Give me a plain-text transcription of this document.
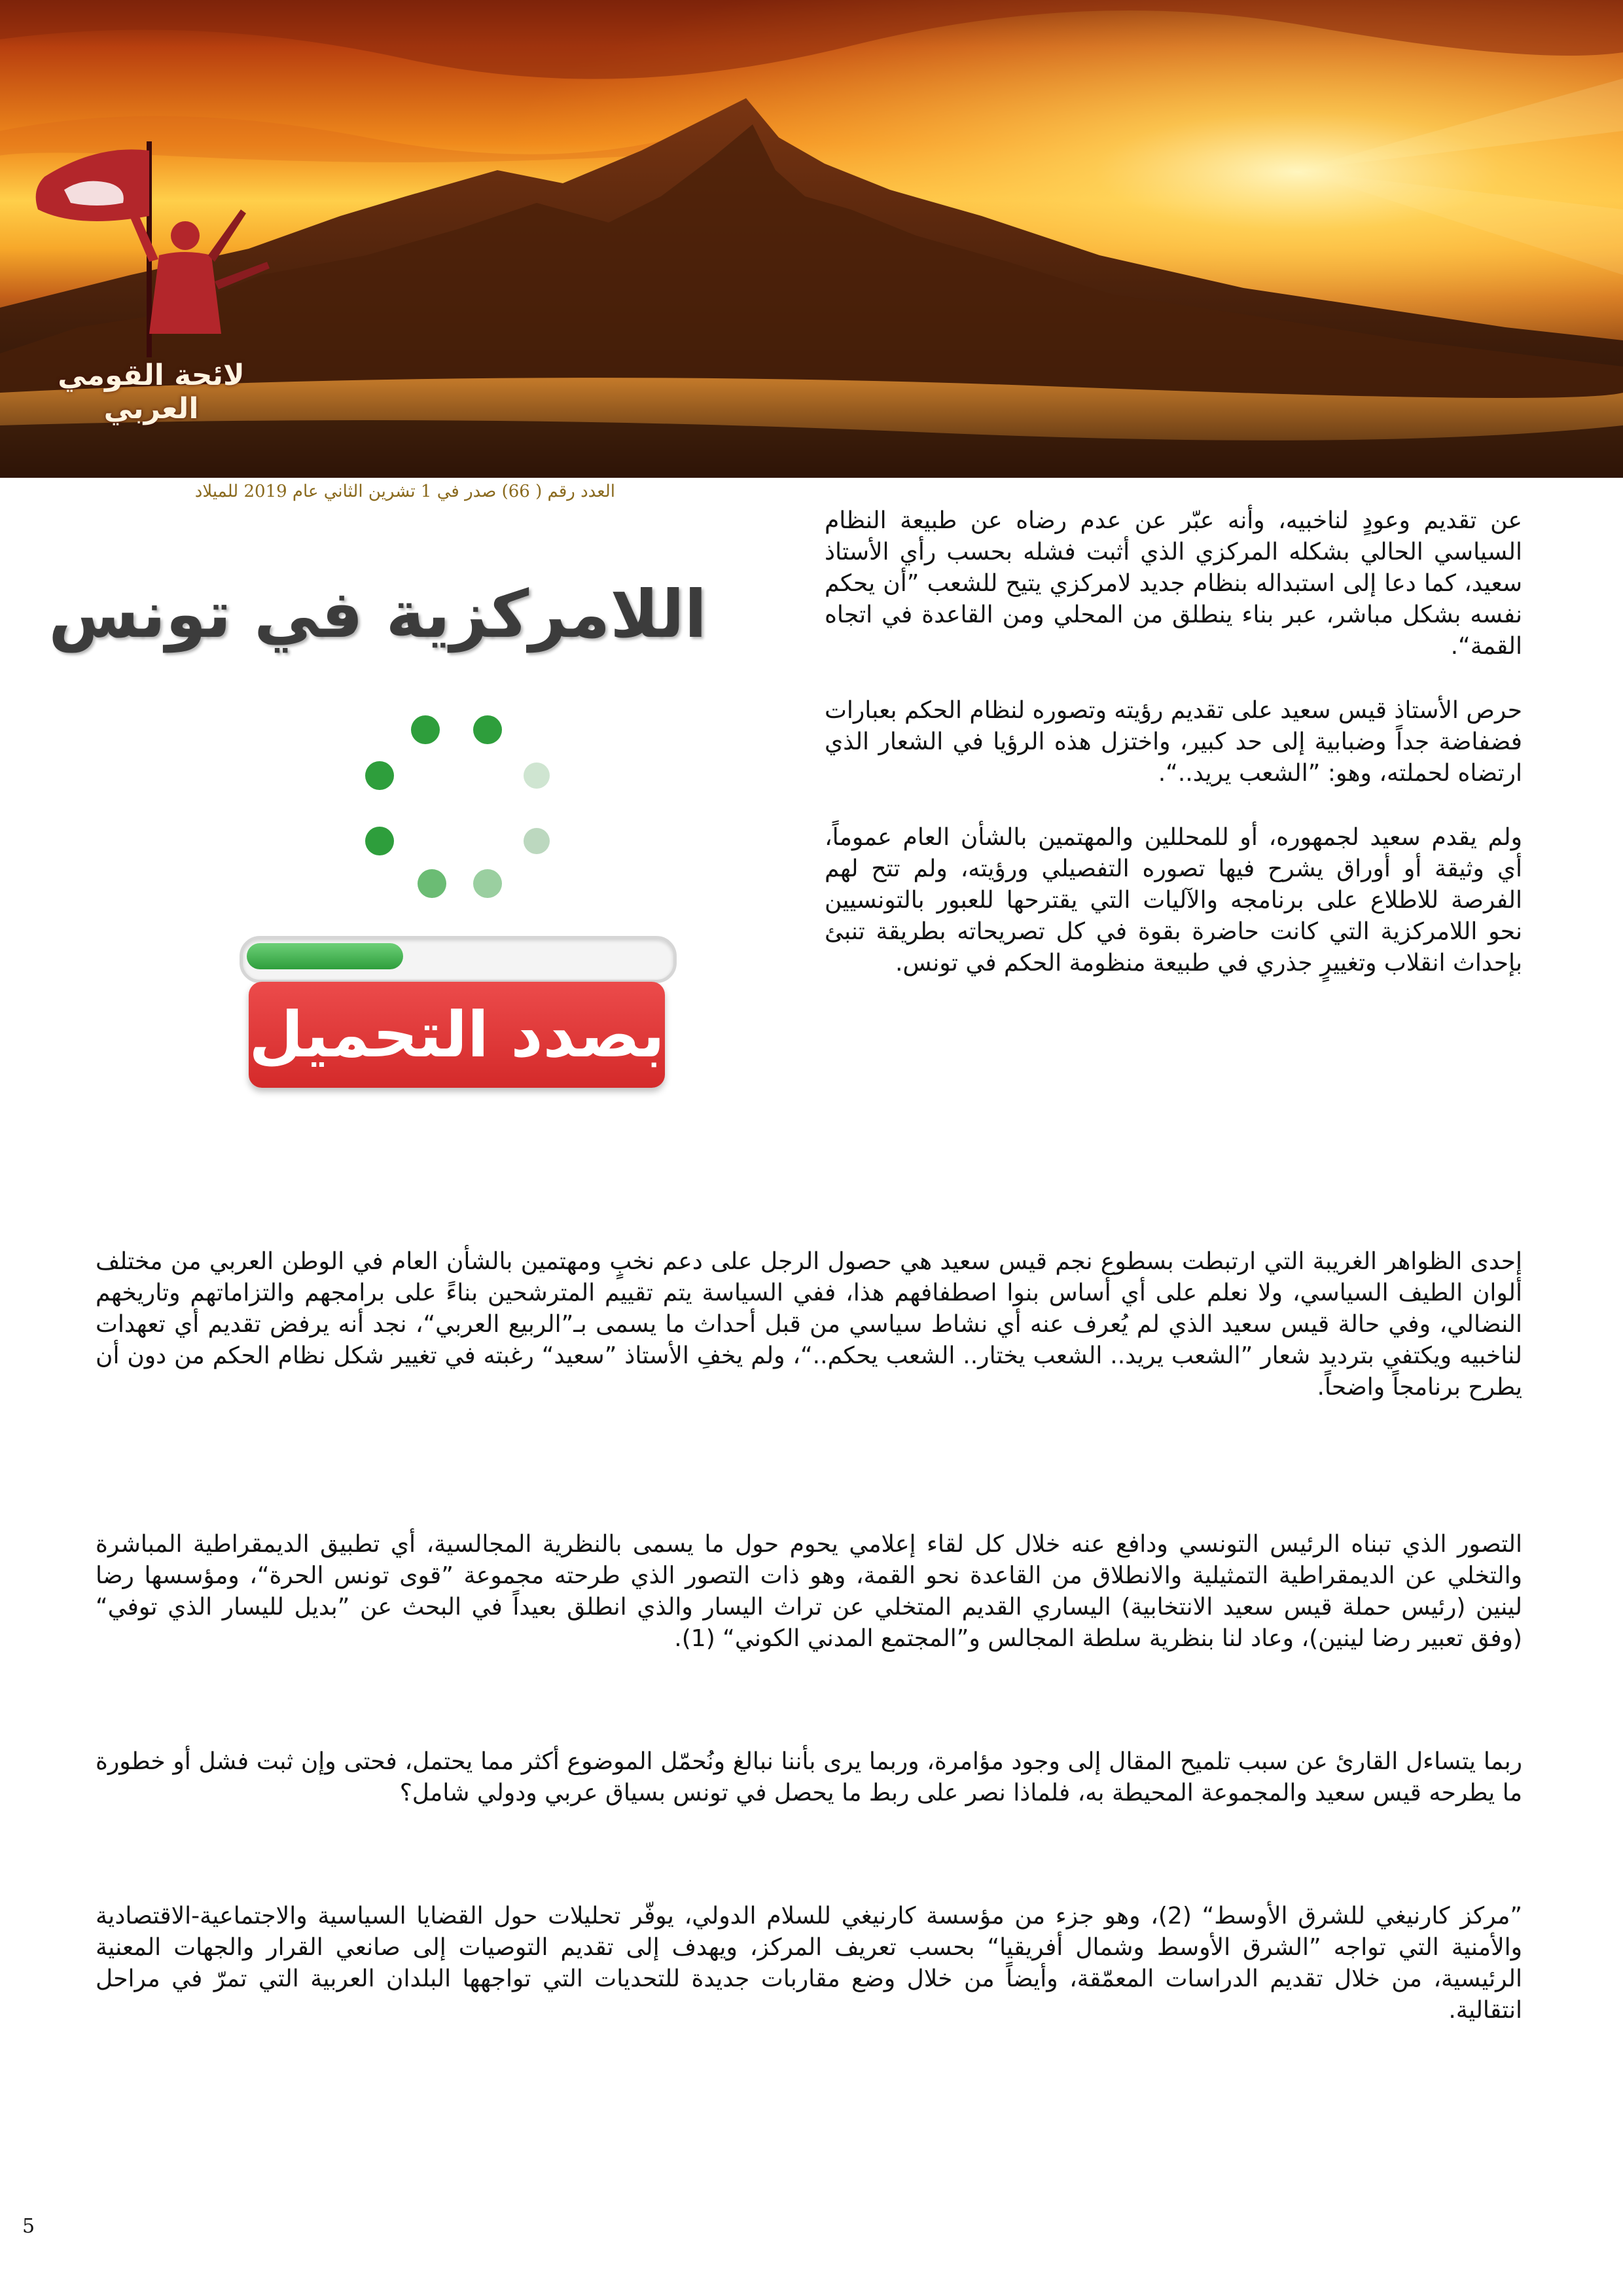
لائحة القومي العربي
العدد رقم ( 66) صدر في 1 تشرين الثاني عام 2019 للميلاد
اللامركزية في تونس
بصدد التحميل

عن تقديم وعودٍ لناخبيه، وأنه عبّر عن عدم رضاه عن طبيعة النظام السياسي الحالي بشكله المركزي الذي أثبت فشله بحسب رأي الأستاذ سعيد، كما دعا إلى استبداله بنظام جديد لامركزي يتيح للشعب ”أن يحكم نفسه بشكل مباشر، عبر بناء ينطلق من المحلي ومن القاعدة في اتجاه القمة“.

حرص الأستاذ قيس سعيد على تقديم رؤيته وتصوره لنظام الحكم بعبارات فضفاضة جداً وضبابية إلى حد كبير، واختزل هذه الرؤيا في الشعار الذي ارتضاه لحملته، وهو: ”الشعب يريد..“.

ولم يقدم سعيد لجمهوره، أو للمحللين والمهتمين بالشأن العام عموماً، أي وثيقة أو أوراق يشرح فيها تصوره التفصيلي ورؤيته، ولم تتح لهم الفرصة للاطلاع على برنامجه والآليات التي يقترحها للعبور بالتونسيين نحو اللامركزية التي كانت حاضرة بقوة في كل تصريحاته بطريقة تنبئ بإحداث انقلاب وتغييرٍ جذري في طبيعة منظومة الحكم في تونس.

إحدى الظواهر الغريبة التي ارتبطت بسطوع نجم قيس سعيد هي حصول الرجل على دعم نخبٍ ومهتمين بالشأن العام في الوطن العربي من مختلف ألوان الطيف السياسي، ولا نعلم على أي أساس بنوا اصطفافهم هذا، ففي السياسة يتم تقييم المترشحين بناءً على برامجهم والتزاماتهم وتاريخهم النضالي، وفي حالة قيس سعيد الذي لم يُعرف عنه أي نشاط سياسي من قبل أحداث ما يسمى بـ”الربيع العربي“، نجد أنه يرفض تقديم أي تعهدات لناخبيه ويكتفي بترديد شعار ”الشعب يريد.. الشعب يختار.. الشعب يحكم..“، ولم يخفِ الأستاذ ”سعيد“ رغبته في تغيير شكل نظام الحكم من دون أن يطرح برنامجاً واضحاً.
التصور الذي تبناه الرئيس التونسي ودافع عنه خلال كل لقاء إعلامي يحوم حول ما يسمى بالنظرية المجالسية، أي تطبيق الديمقراطية المباشرة والتخلي عن الديمقراطية التمثيلية والانطلاق من القاعدة نحو القمة، وهو ذات التصور الذي طرحته مجموعة ”قوى تونس الحرة“، ومؤسسها رضا لينين (رئيس حملة قيس سعيد الانتخابية) اليساري القديم المتخلي عن تراث اليسار والذي انطلق بعيداً في البحث عن ”بديل لليسار الذي توفي“ (وفق تعبير رضا لينين)، وعاد لنا بنظرية سلطة المجالس و”المجتمع المدني الكوني“ (1).
ربما يتساءل القارئ عن سبب تلميح المقال إلى وجود مؤامرة، وربما يرى بأننا نبالغ ونُحمّل الموضوع أكثر مما يحتمل، فحتى وإن ثبت فشل أو خطورة ما يطرحه قيس سعيد والمجموعة المحيطة به، فلماذا نصر على ربط ما يحصل في تونس بسياق عربي ودولي شامل؟
”مركز كارنيغي للشرق الأوسط“ (2)، وهو جزء من مؤسسة كارنيغي للسلام الدولي، يوفّر تحليلات حول القضايا السياسية والاجتماعية-الاقتصادية والأمنية التي تواجه ”الشرق الأوسط وشمال أفريقيا“ بحسب تعريف المركز، ويهدف إلى تقديم التوصيات إلى صانعي القرار والجهات المعنية الرئيسية، من خلال تقديم الدراسات المعمّقة، وأيضاً من خلال وضع مقاربات جديدة للتحديات التي تواجهها البلدان العربية التي تمرّ في مراحل انتقالية.
5
